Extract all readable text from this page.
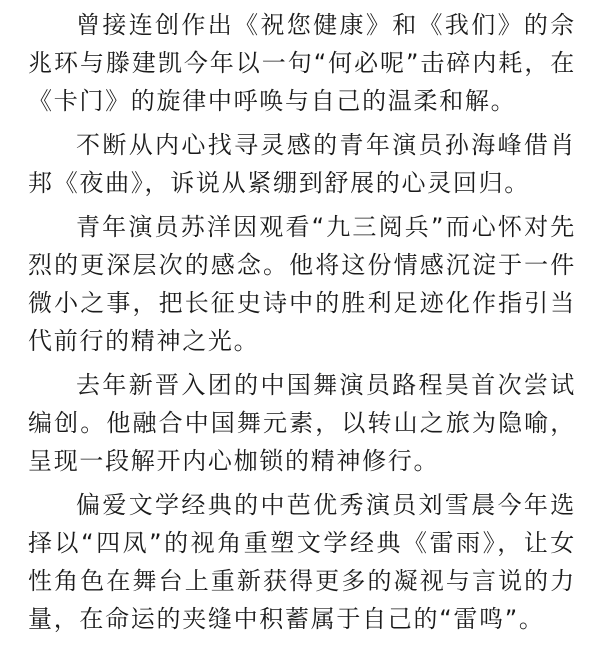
曾接连创作出《祝您健康》和《我们》的佘兆环与滕建凯今年以一句“何必呢”击碎内耗，在《卡门》的旋律中呼唤与自己的温柔和解。

不断从内心找寻灵感的青年演员孙海峰借肖邦《夜曲》，诉说从紧绷到舒展的心灵回归。

青年演员苏洋因观看“九三阅兵”而心怀对先烈的更深层次的感念。他将这份情感沉淀于一件微小之事，把长征史诗中的胜利足迹化作指引当代前行的精神之光。

去年新晋入团的中国舞演员路程昊首次尝试编创。他融合中国舞元素，以转山之旅为隐喻，呈现一段解开内心枷锁的精神修行。

偏爱文学经典的中芭优秀演员刘雪晨今年选择以“四凤”的视角重塑文学经典《雷雨》，让女性角色在舞台上重新获得更多的凝视与言说的力量，在命运的夹缝中积蓄属于自己的“雷鸣”。
